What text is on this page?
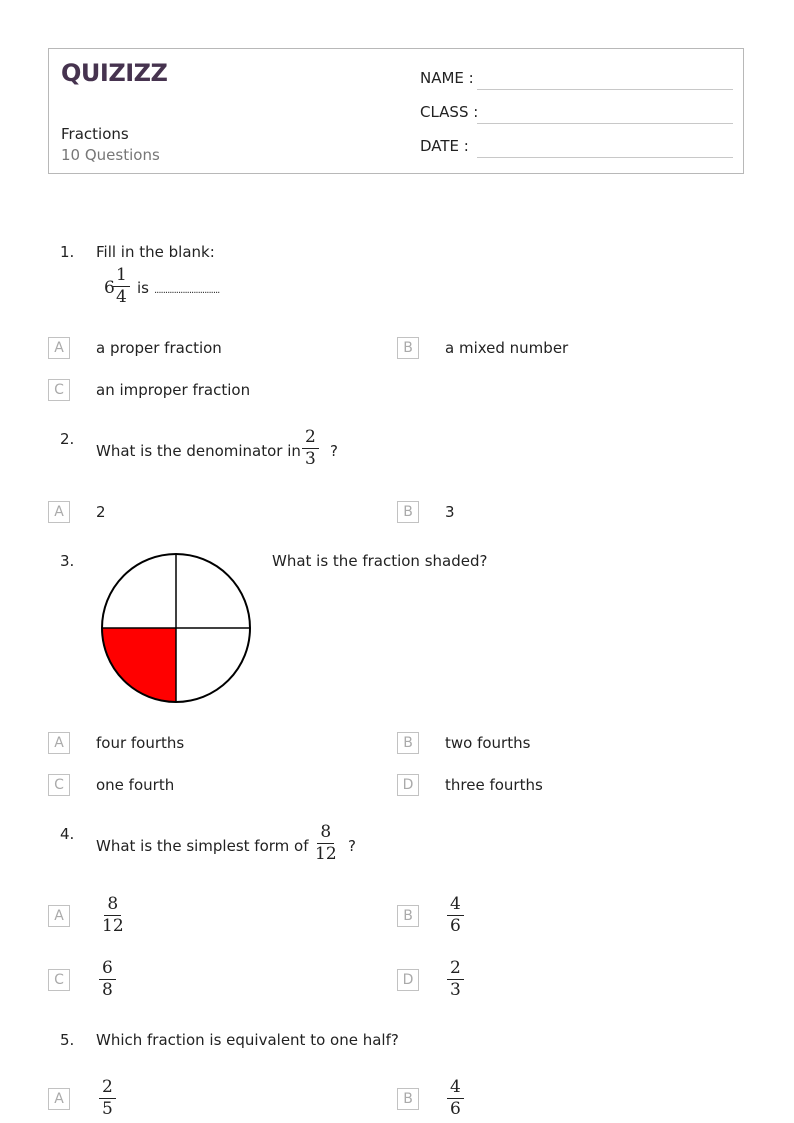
QUIZIZZ
Fractions
10 Questions
NAME :
CLASS :
DATE :
1. Fill in the blank:
6
$\frac{1}{4}$ is ..............................
A	a proper fraction	B	a mixed number
C	an improper fraction
2.
What is the denominator in $\frac{2}{3}$ ?
A	2	B	3
3.	What is the fraction shaded?
A	four fourths	B	two fourths
C	one fourth	D	three fourths
4.
What is the simplest form of $\frac{8}{12}$ ?
A	$\frac{8}{12}$	B	$\frac{4}{6}$
C	$\frac{6}{8}$	D	$\frac{2}{3}$
5. Which fraction is equivalent to one half?
A	$\frac{2}{5}$	B	$\frac{4}{6}$
